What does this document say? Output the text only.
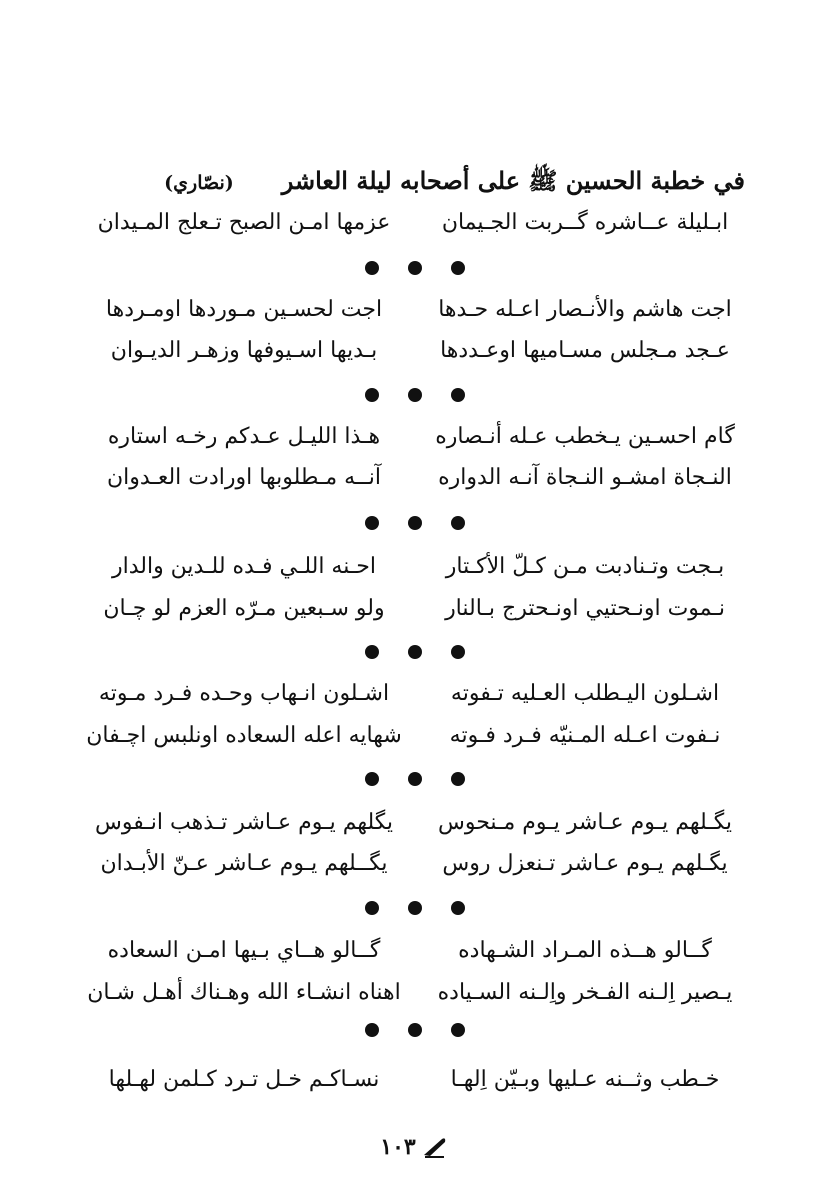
في خطبة الحسين ﷺ على أصحابه ليلة العاشر
(نصّاري)
ابـليلة عــاشره گــربت الجـيمان
عزمها امـن الصبح تـعلج المـيدان
اجت هاشم والأنـصار اعـله حـدها
اجت لحسـين مـوردها اومـردها
عـجد مـجلس مسـاميها اوعـددها
بـديها اسـيوفها وزهـر الديـوان
گام احسـين يـخطب عـله أنـصاره
هـذا الليـل عـدكم رخـه استاره
النـجاة امشـو النـجاة آنـه الدواره
آنــه مـطلوبها اورادت العـدوان
بـجت وتـنادبت مـن كـلّ الأكـتار
احـنه اللـي فـده للـدين والدار
نـموت اونـحتيي اونـحترج بـالنار
ولو سـبعين مـرّه العزم لو چـان
اشـلون اليـطلب العـليه تـفوته
اشـلون انـهاب وحـده فـرد مـوته
نـفوت اعـله المـنيّه فـرد فـوته
شهايه اعله السعاده اونلبس اچـفان
يگـلهم يـوم عـاشر يـوم مـنحوس
يگلهم يـوم عـاشر تـذهب انـفوس
يگـلهم يـوم عـاشر تـنعزل روس
يگــلهم يـوم عـاشر عـنّ الأبـدان
گــالو هــذه المـراد الشـهاده
گــالو هــاي بـيها امـن السعاده
يـصير اِلـنه الفـخر واِلـنه السـياده
اهناه انشـاء الله وهـناك أهـل شـان
خـطب وثــنه عـليها وبـيّن اِلهـا
نسـاكـم خـل تـرد كـلمن لهـلها
١٠٣
